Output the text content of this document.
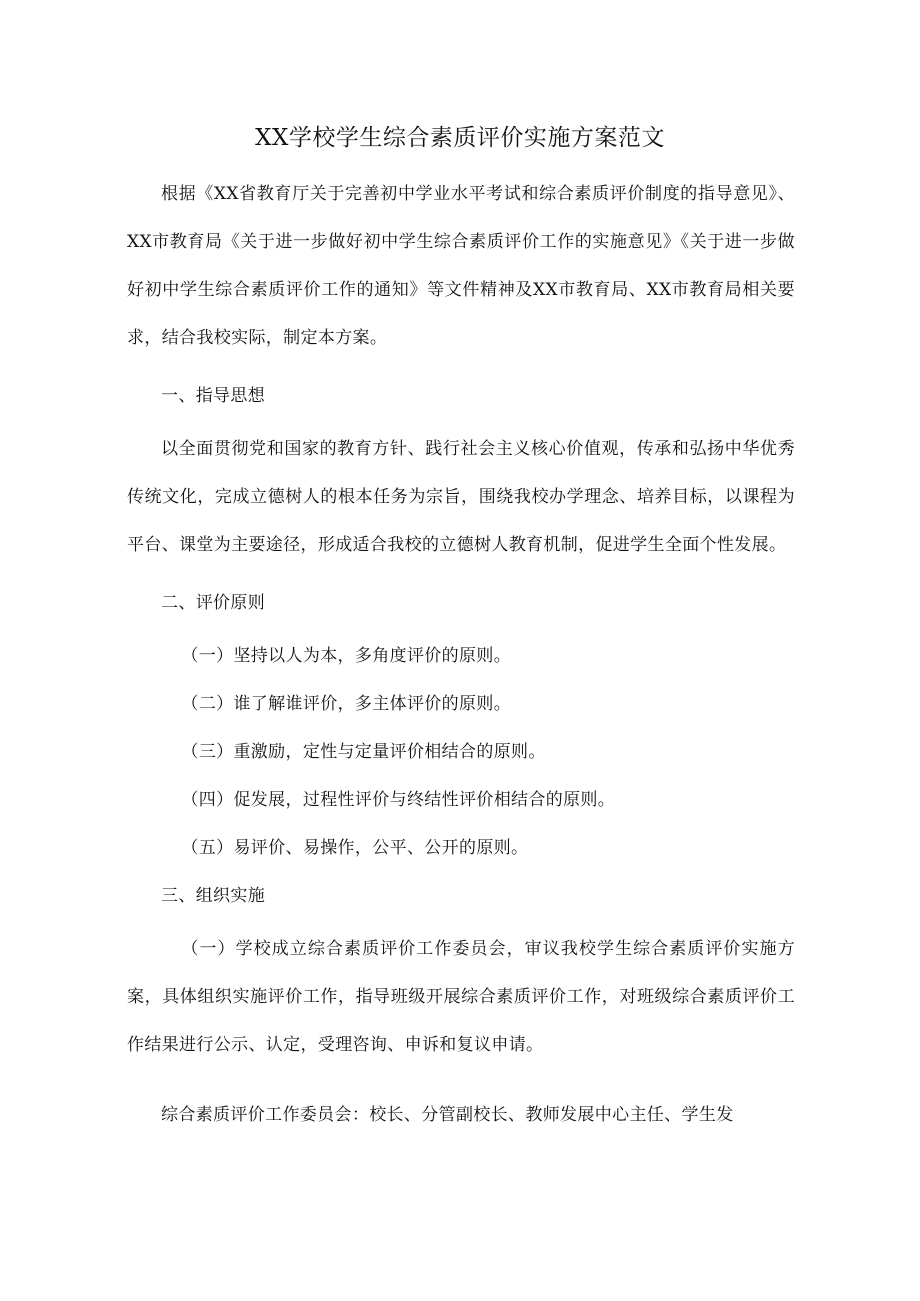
XX学校学生综合素质评价实施方案范文

根据《XX省教育厅关于完善初中学业水平考试和综合素质评价制度的指导意见》、XX市教育局《关于进一步做好初中学生综合素质评价工作的实施意见》《关于进一步做好初中学生综合素质评价工作的通知》等文件精神及XX市教育局、XX市教育局相关要求，结合我校实际，制定本方案。

一、指导思想

以全面贯彻党和国家的教育方针、践行社会主义核心价值观，传承和弘扬中华优秀传统文化，完成立德树人的根本任务为宗旨，围绕我校办学理念、培养目标，以课程为平台、课堂为主要途径，形成适合我校的立德树人教育机制，促进学生全面个性发展。

二、评价原则

（一）坚持以人为本，多角度评价的原则。

（二）谁了解谁评价，多主体评价的原则。

（三）重激励，定性与定量评价相结合的原则。

（四）促发展，过程性评价与终结性评价相结合的原则。

（五）易评价、易操作，公平、公开的原则。

三、组织实施

（一）学校成立综合素质评价工作委员会，审议我校学生综合素质评价实施方案，具体组织实施评价工作，指导班级开展综合素质评价工作，对班级综合素质评价工作结果进行公示、认定，受理咨询、申诉和复议申请。

综合素质评价工作委员会：校长、分管副校长、教师发展中心主任、学生发
